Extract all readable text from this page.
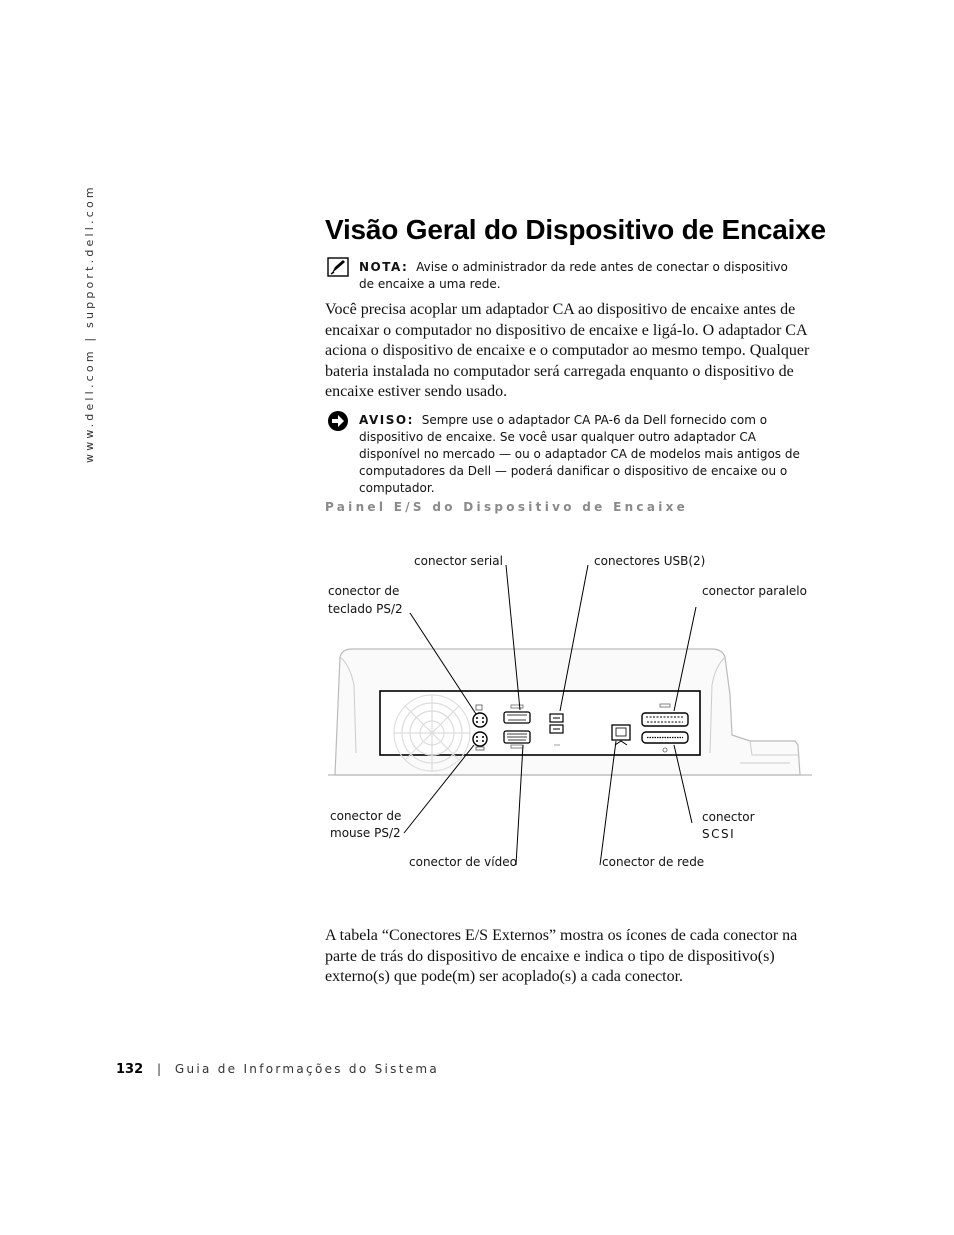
www.dell.com | support.dell.com	Visão Geral do Dispositivo de Encaixe
NOTA: Avise o administrador da rede antes de conectar o dispositivo de encaixe a uma rede.

Você precisa acoplar um adaptador CA ao dispositivo de encaixe antes de encaixar o computador no dispositivo de encaixe e ligá-lo. O adaptador CA aciona o dispositivo de encaixe e o computador ao mesmo tempo. Qualquer bateria instalada no computador será carregada enquanto o dispositivo de encaixe estiver sendo usado.

AVISO: Sempre use o adaptador CA PA-6 da Dell fornecido com o dispositivo de encaixe. Se você usar qualquer outro adaptador CA disponível no mercado — ou o adaptador CA de modelos mais antigos de computadores da Dell — poderá danificar o dispositivo de encaixe ou o computador.
Painel E/S do Dispositivo de Encaixe
conector serial	conectores USB(2)
conector de
teclado PS/2
conector paralelo
conector de
mouse PS/2
conector
SCSI
conector de vídeo	conector de rede

A tabela “Conectores E/S Externos” mostra os ícones de cada conector na parte de trás do dispositivo de encaixe e indica o tipo de dispositivo(s) externo(s) que pode(m) ser acoplado(s) a cada conector.

132 | Guia de Informações do Sistema
